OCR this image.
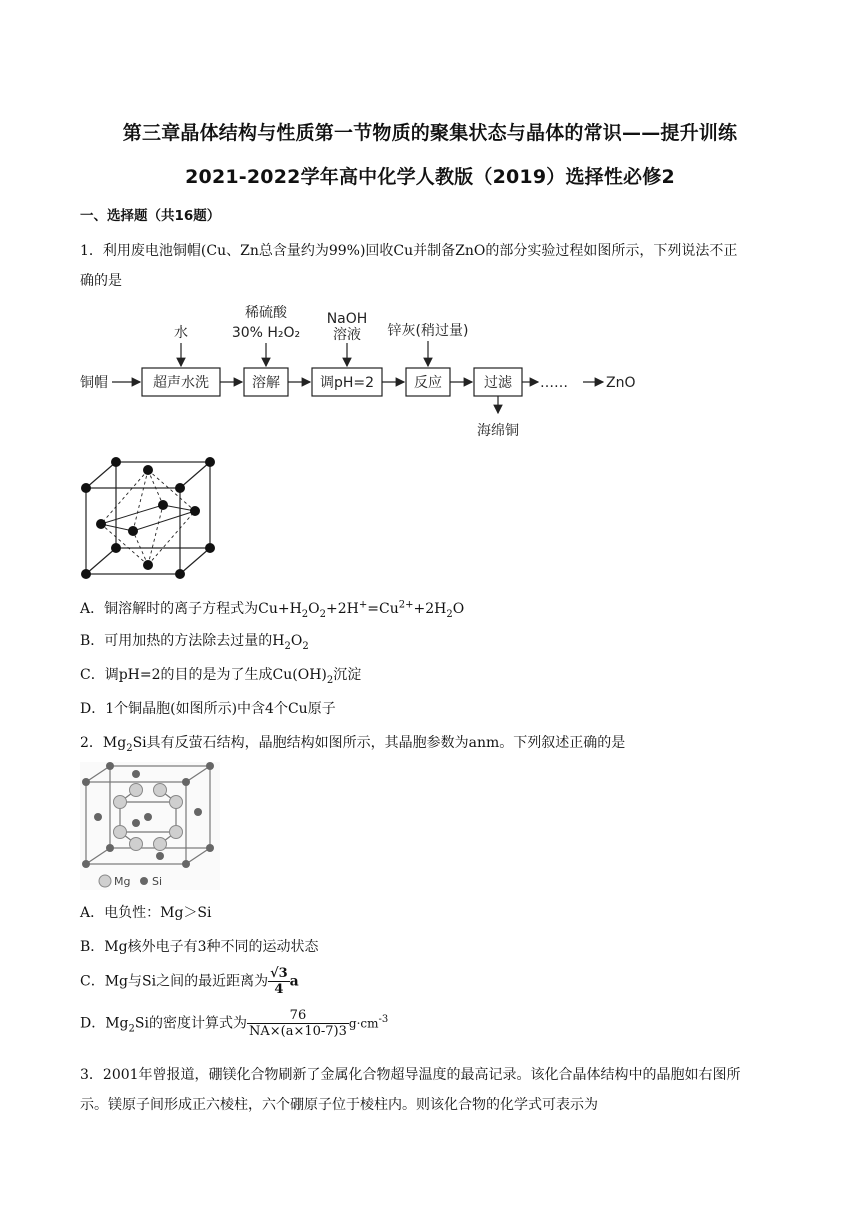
第三章晶体结构与性质第一节物质的聚集状态与晶体的常识——提升训练
2021-2022学年高中化学人教版（2019）选择性必修2
一、选择题（共16题）
1．利用废电池铜帽(Cu、Zn总含量约为99%)回收Cu并制备ZnO的部分实验过程如图所示，下列说法不正
确的是
铜帽	超声水洗	溶解	调pH=2	反应	过滤 ……	ZnO
水
稀硫酸
30% H₂O₂
NaOH
溶液 锌灰(稍过量)
海绵铜
A．铜溶解时的离子方程式为$Cu+H_2O_2+2H^+=Cu^{2+}+2H_2O$
B．可用加热的方法除去过量的$H_2O_2$
C．调pH=2的目的是为了生成$Cu(OH)_2$沉淀
D．1个铜晶胞(如图所示)中含4个Cu原子
2．$Mg_2Si$具有反萤石结构，晶胞结构如图所示，其晶胞参数为anm。下列叙述正确的是
Mg Si
A．电负性：Mg＞Si
B．Mg核外电子有3种不同的运动状态
C．Mg与Si之间的最近距离为 $\frac{√3}{4}$ a
D．$Mg_2Si$的密度计算式为 $\frac{76}{NA\times(a\times 10-7)3} g\cdot cm^{-3}$
3．2001年曾报道，硼镁化合物刷新了金属化合物超导温度的最高记录。该化合晶体结构中的晶胞如右图所
示。镁原子间形成正六棱柱，六个硼原子位于棱柱内。则该化合物的化学式可表示为
